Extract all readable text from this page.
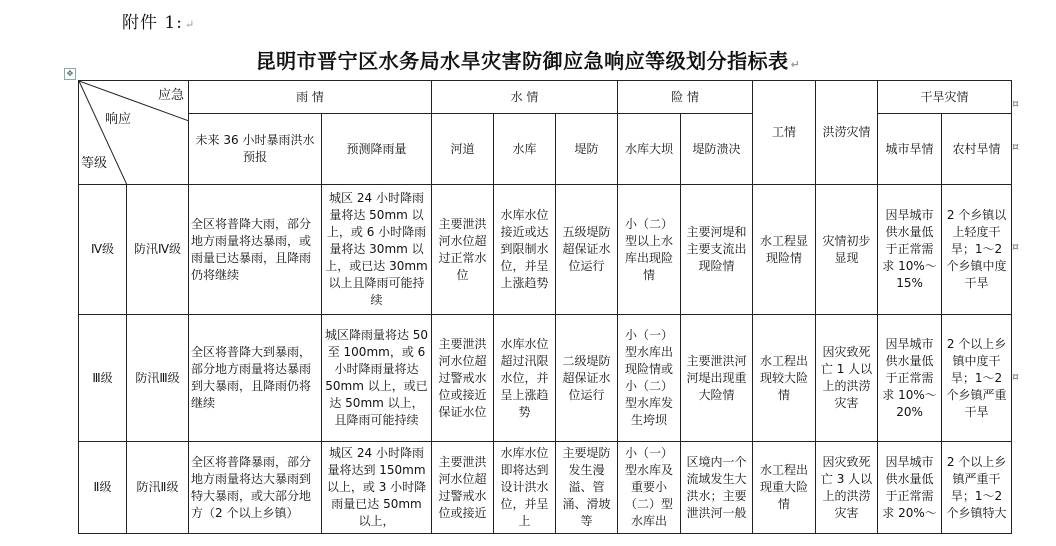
附件 1: ↵
昆明市晋宁区水务局水旱灾害防御应急响应等级划分指标表 ↵
✥
应急
响应
等级		雨 情		水 情			险 情		工情	洪涝灾情	干旱灾情	
		未来 36 小时暴雨洪水预报	预测降雨量	河道	水库	堤防	水库大坝	堤防溃决			城市旱情	农村旱情
Ⅳ级	防汛Ⅳ级	全区将普降大雨，部分地方雨量将达暴雨，或雨量已达暴雨，且降雨仍将继续	城区 24 小时降雨量将达 50mm 以上，或 6 小时降雨量将达 30mm 以上，或已达 30mm 以上且降雨可能持续	主要泄洪河水位超过正常水位	水库水位接近或达到限制水位，并呈上涨趋势	五级堤防超保证水位运行	小（二）型以上水库出现险情	主要河堤和主要支流出现险情	水工程显现险情	灾情初步显现	因旱城市供水量低于正常需求 10%～15%	2 个乡镇以上轻度干旱；1～2 个乡镇中度干旱
Ⅲ级	防汛Ⅲ级	全区将普降大到暴雨，部分地方雨量将达暴雨到大暴雨，且降雨仍将继续	城区降雨量将达 50 至 100mm，或 6 小时降雨量将达 50mm 以上，或已达 50mm 以上，且降雨可能持续	主要泄洪河水位超过警戒水位或接近保证水位	水库水位超过汛限水位，并呈上涨趋势	二级堤防超保证水位运行	小（一）型水库出现险情或小（二）型水库发生垮坝	主要泄洪河河堤出现重大险情	水工程出现较大险情	因灾致死亡 1 人以上的洪涝灾害	因旱城市供水量低于正常需求 10%～20%	2 个以上乡镇中度干旱；1～2 个乡镇严重干旱
Ⅱ级	防汛Ⅱ级	全区将普降暴雨，部分地方雨量将达大暴雨到特大暴雨，或大部分地方（2 个以上乡镇）	城区 24 小时降雨量将达到 150mm 以上，或 3 小时降雨量已达 50mm 以上，	主要泄洪河水位超过警戒水位或接近	水库水位即将达到设计洪水位，并呈上	主要堤防发生漫溢、管涌、滑坡等	小（一）型水库及重要小（二）型水库出	区境内一个流域发生大洪水；主要泄洪河一般	水工程出现重大险情	因灾致死亡 3 人以上的洪涝灾害	因旱城市供水量低于正常需求 20%～	2 个以上乡镇严重干旱；1～2 个乡镇特大
¤
¤
¤
¤
